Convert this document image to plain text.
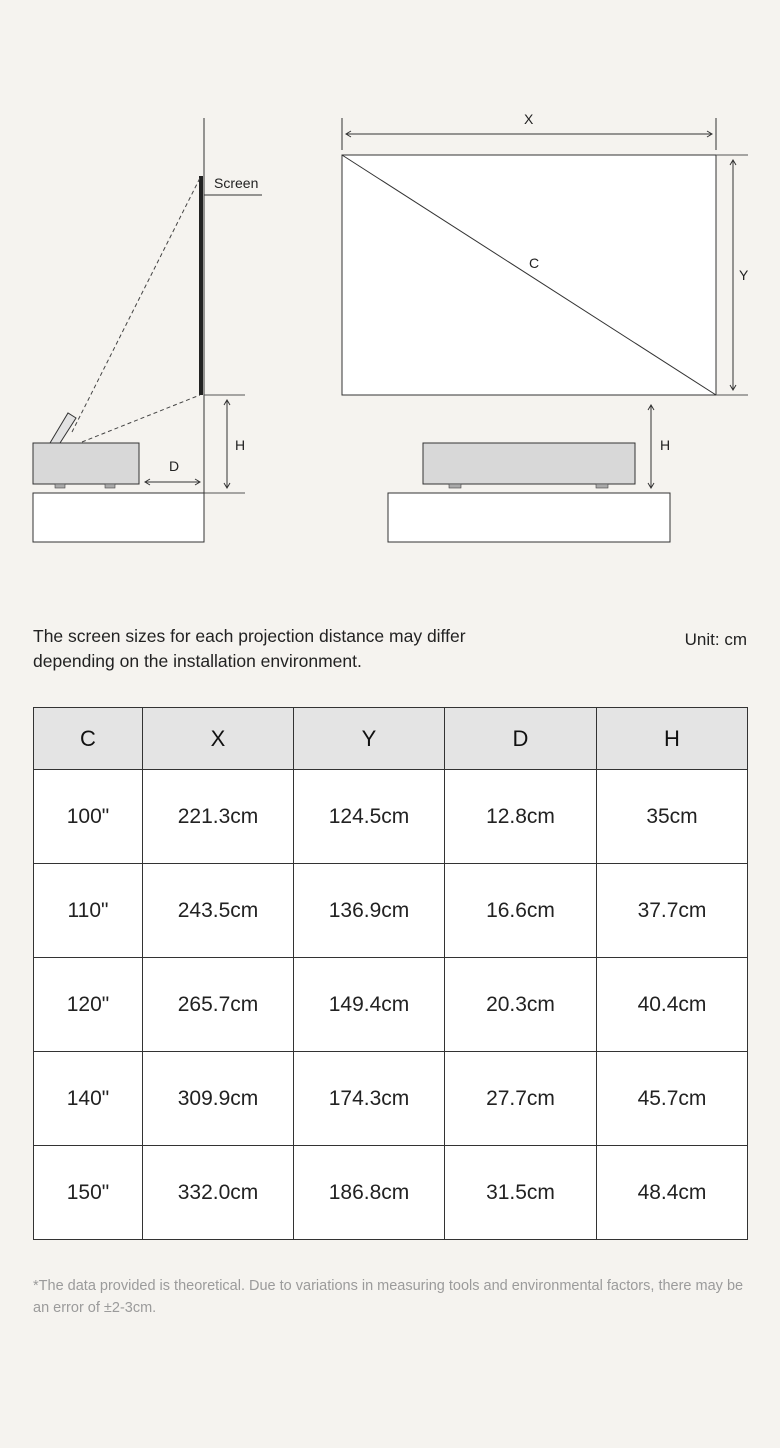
Screen
H
D
X
C
Y
H
The screen sizes for each projection distance may differ depending on the installation environment.
Unit: cm
C	X	Y	D	H
100"	221.3cm	124.5cm	12.8cm	35cm
110"	243.5cm	136.9cm	16.6cm	37.7cm
120"	265.7cm	149.4cm	20.3cm	40.4cm
140"	309.9cm	174.3cm	27.7cm	45.7cm
150"	332.0cm	186.8cm	31.5cm	48.4cm
*The data provided is theoretical. Due to variations in measuring tools and environmental factors, there may be an error of ±2-3cm.
